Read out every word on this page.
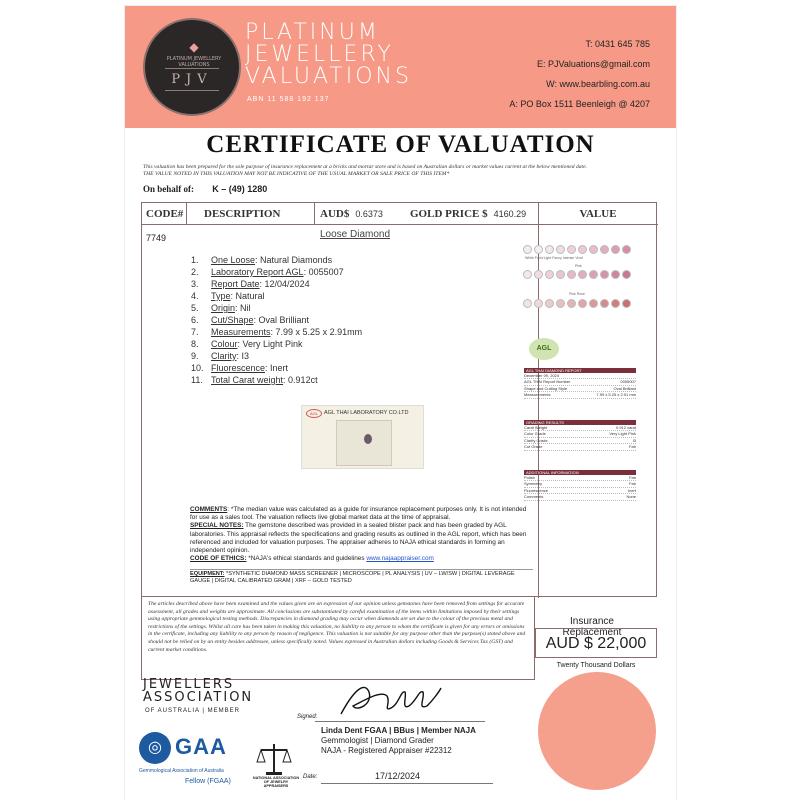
◆
PLATINUM JEWELLERY VALUATIONS
PJV
PLATINUM
JEWELLERY
VALUATIONS
ABN 11 588 192 137
T: 0431 645 785
E: PJValuations@gmail.com
W: www.bearbling.com.au
A: PO Box 1511 Beenleigh @ 4207
CERTIFICATE OF VALUATION
This valuation has been prepared for the sole purpose of insurance replacement at a bricks and mortar store and is based on Australian dollars or market values current at the below mentioned date.
THE VALUE NOTED IN THIS VALUATION MAY NOT BE INDICATIVE OF THE USUAL MARKET OR SALE PRICE OF THIS ITEM*
On behalf of: K – (49) 1280
CODE# DESCRIPTION	AUD$ 0.6373 GOLD PRICE $ 4160.29	VALUE
7749	Loose Diamond
1. One Loose: Natural Diamonds
2. Laboratory Report AGL: 0055007
3. Report Date: 12/04/2024
4. Type: Natural
5. Origin: Nil
6. Cut/Shape: Oval Brilliant
7. Measurements: 7.99 x 5.25 x 2.91mm
8. Colour: Very Light Pink
9. Clarity: I3
10. Fluorescence: Inert
11. Total Carat weight: 0.912ct
AGL	AGL THAI LABORATORY CO.LTD
COMMENTS: *The median value was calculated as a guide for insurance replacement purposes only. It is not intended for use as a sales tool. The valuation reflects live global market data at the time of appraisal.
SPECIAL NOTES: The gemstone described was provided in a sealed blister pack and has been graded by AGL laboratories. This appraisal reflects the specifications and grading results as outlined in the AGL report, which has been referenced and included for valuation purposes. The appraiser adheres to NAJA ethical standards in forming an independent opinion.
CODE OF ETHICS: *NAJA's ethical standards and guidelines www.najaappraiser.com
EQUIPMENT: *SYNTHETIC DIAMOND MASS SCREENER | MICROSCOPE | PL ANALYSIS | UV – LW/SW | DIGITAL LEVERAGE GAUGE | DIGITAL CALIBRATED GRAM | XRF – GOLD TESTED
White Faint Light Fancy Intense Vivid
Pink
Pink Rose
AGL
AGL THAI DIAMOND REPORT
December 09, 2024
AGL THAI Report Number	0055007
Shape and Cutting Style	Oval Brilliant
Measurements	7.99 x 5.25 x 2.91 mm
GRADING RESULTS
Carat Weight	0.912 carat
Color Grade	Very Light Pink
Clarity Grade	I3
Cut Grade	Fair
ADDITIONAL INFORMATION
Polish	Fair
Symmetry	Fair
Fluorescence	Inert
Comments	None
The articles described above have been examined and the values given are an expression of our opinion unless gemstones have been removed from settings for accurate assessment, all grades and weights are approximate. All conclusions are substantiated by careful examination of the items within limitations imposed by their settings using appropriate gemmological testing methods. Discrepancies in diamond grading may occur when diamonds are set due to the colour of the precious metal and restrictions of the settings. Whilst all care has been taken in making this valuation, no liability to any person to whom the certificate is given for any errors or omissions in the certificate, including any liability to any person by reason of negligence. This valuation is not suitable for any purpose other than the purpose(s) stated above and should not be relied on by an entity besides addressee, unless specifically noted. Values expressed in Australian dollars including Goods & Services Tax (GST) and current market conditions.
Insurance Replacement
AUD $ 22,000
Twenty Thousand Dollars
JEWELLERS
ASSOCIATION
OF AUSTRALIA | MEMBER
Signed:
Linda Dent FGAA | BBus | Member NAJA
Gemmologist | Diamond Grader
NAJA - Registered Appraiser #22312
◎ GAA
Gemmological Association of Australia
Fellow (FGAA)	NATIONAL ASSOCIATION OF JEWELRY APPRAISERS
Date:	17/12/2024
